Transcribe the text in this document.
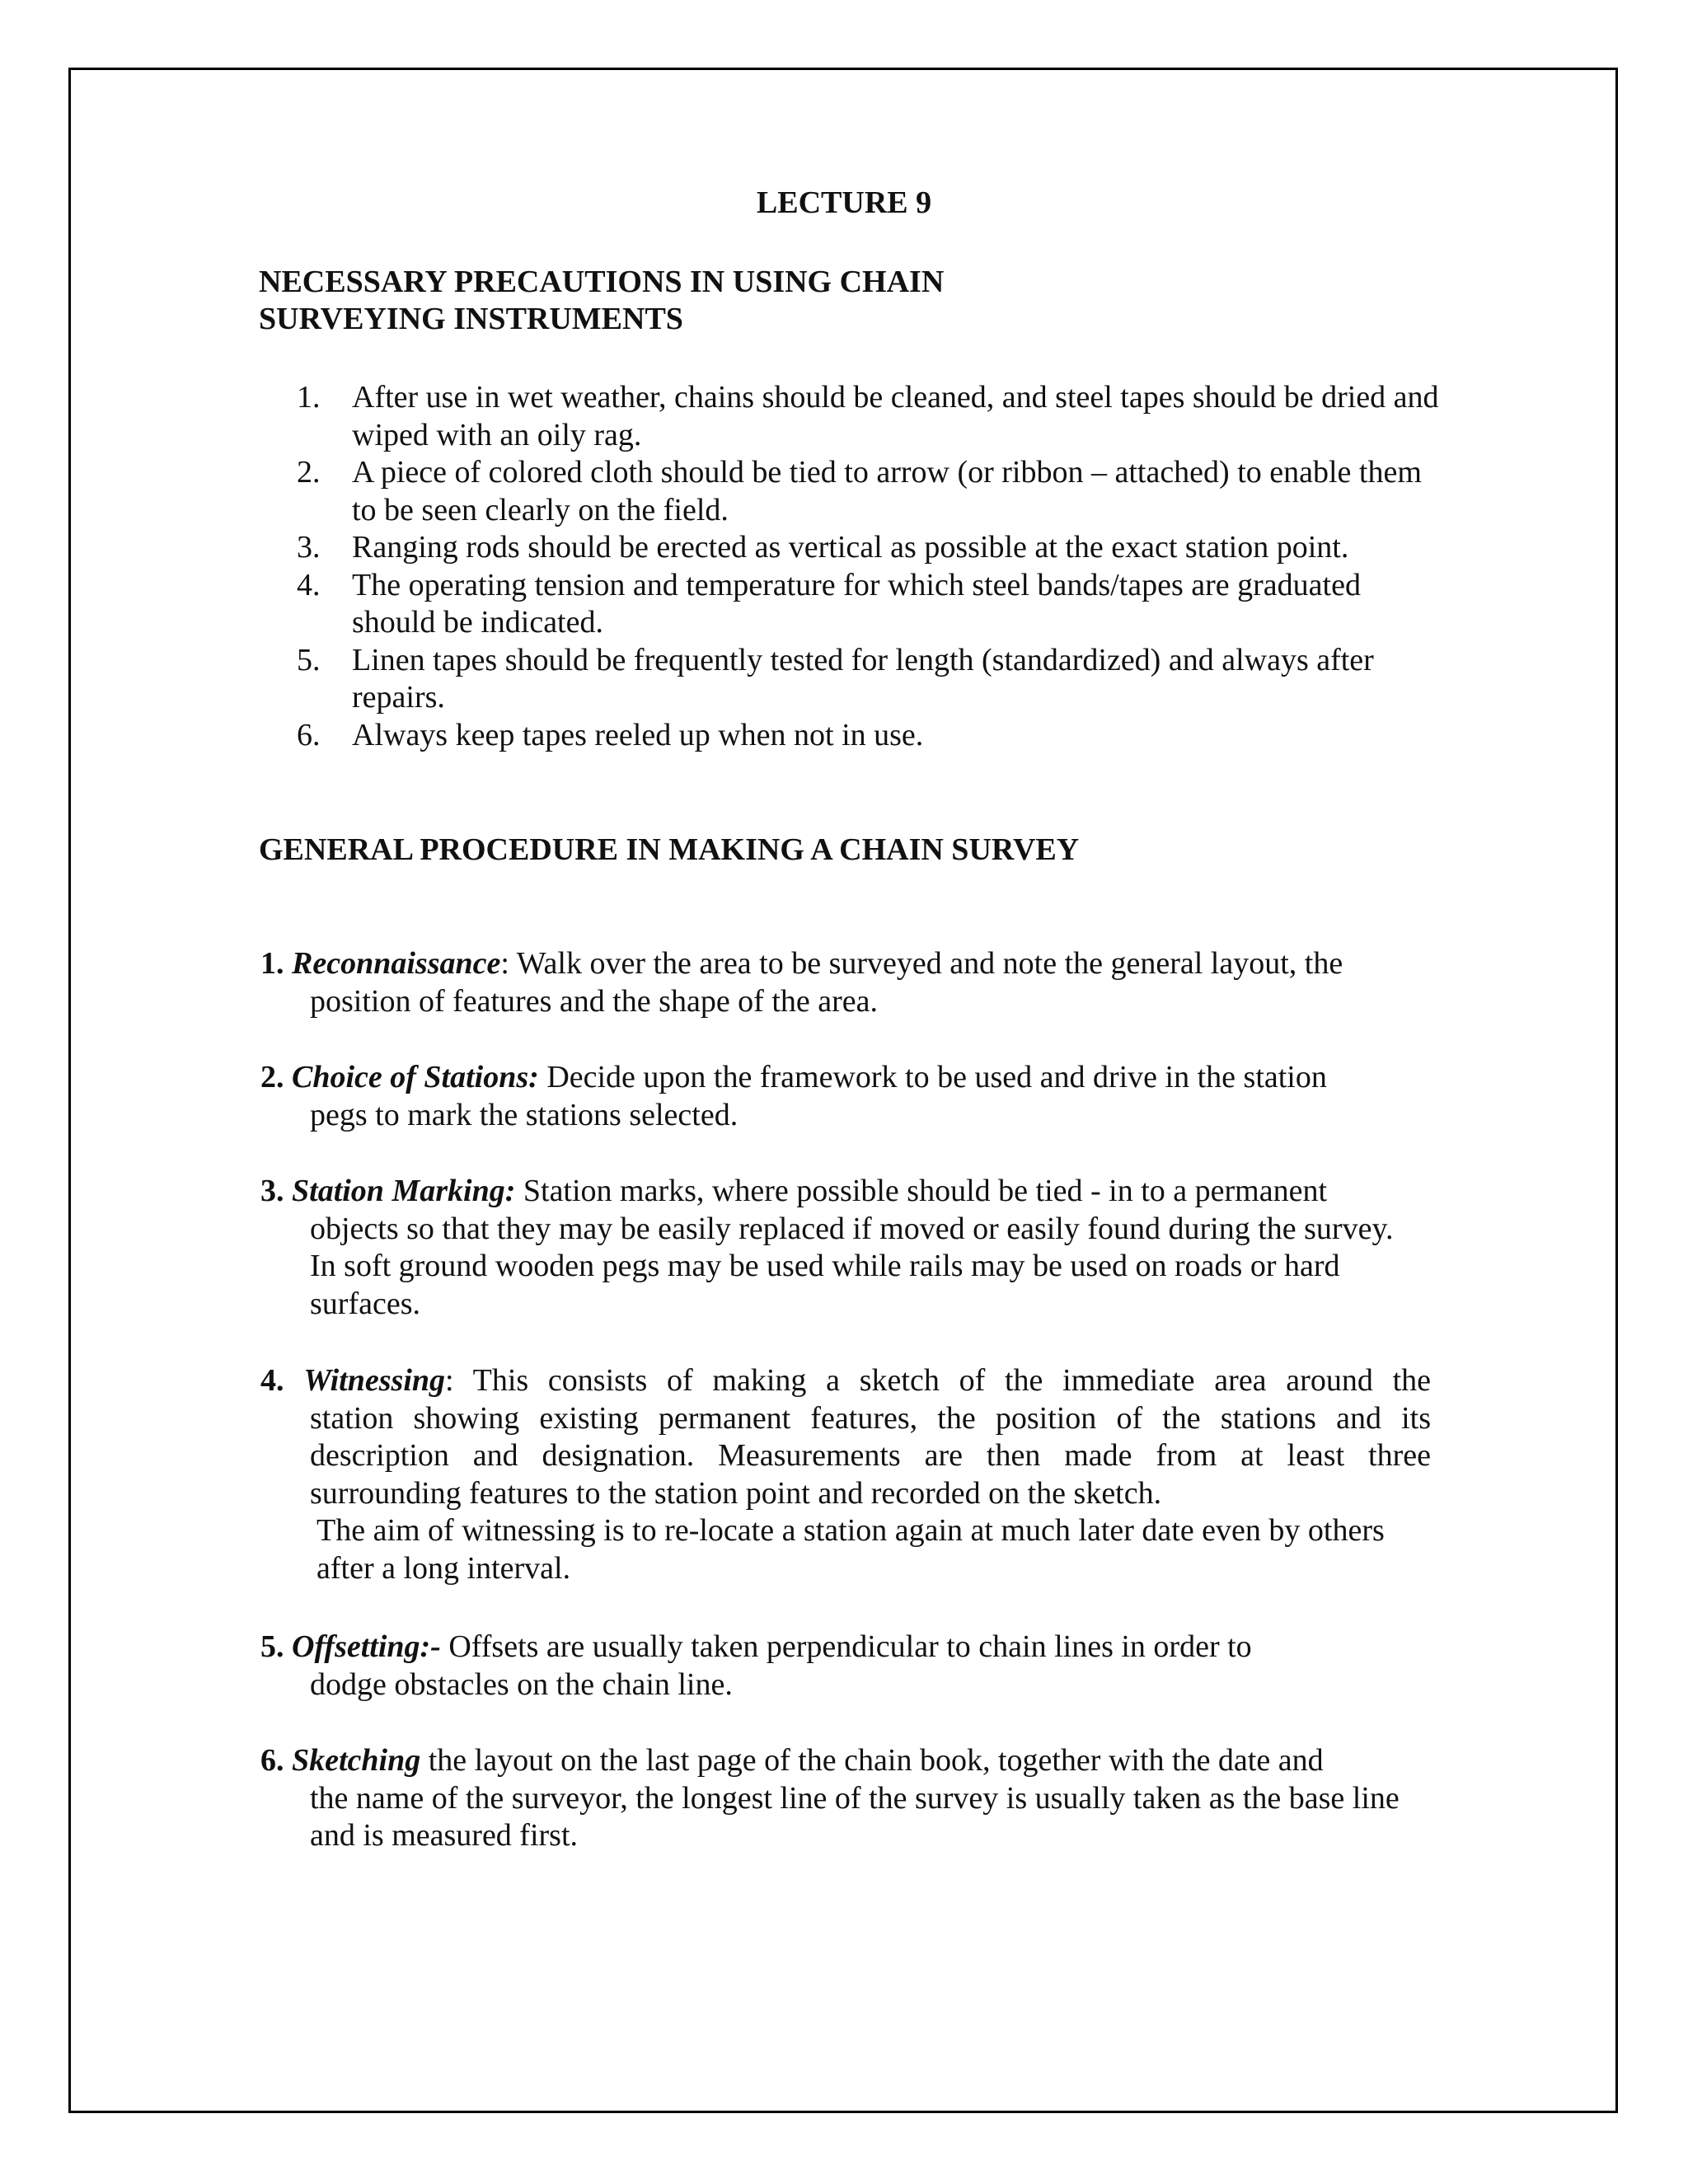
LECTURE 9
NECESSARY PRECAUTIONS IN USING CHAIN
SURVEYING INSTRUMENTS
1. After use in wet weather, chains should be cleaned, and steel tapes should be dried and wiped with an oily rag.
2. A piece of colored cloth should be tied to arrow (or ribbon – attached) to enable them to be seen clearly on the field.
3. Ranging rods should be erected as vertical as possible at the exact station point.
4. The operating tension and temperature for which steel bands/tapes are graduated should be indicated.
5. Linen tapes should be frequently tested for length (standardized) and always after repairs.
6. Always keep tapes reeled up when not in use.
GENERAL PROCEDURE IN MAKING A CHAIN SURVEY
1. Reconnaissance: Walk over the area to be surveyed and note the general layout, the
position of features and the shape of the area.
2. Choice of Stations: Decide upon the framework to be used and drive in the station
pegs to mark the stations selected.
3. Station Marking: Station marks, where possible should be tied - in to a permanent
objects so that they may be easily replaced if moved or easily found during the survey. In soft ground wooden pegs may be used while rails may be used on roads or hard surfaces.
4. Witnessing: This consists of making a sketch of the immediate area around the
station showing existing permanent features, the position of the stations and its
description and designation. Measurements are then made from at least three
surrounding features to the station point and recorded on the sketch.
The aim of witnessing is to re-locate a station again at much later date even by others after a long interval.
5. Offsetting:- Offsets are usually taken perpendicular to chain lines in order to
dodge obstacles on the chain line.
6. Sketching the layout on the last page of the chain book, together with the date and
the name of the surveyor, the longest line of the survey is usually taken as the base line and is measured first.
